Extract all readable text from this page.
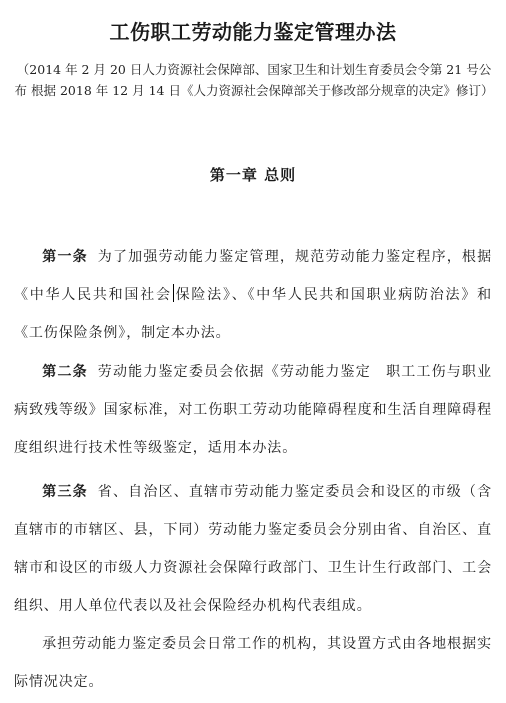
工伤职工劳动能力鉴定管理办法
（2014 年 2 月 20 日人力资源社会保障部、国家卫生和计划生育委员会令第 21 号公布 根据 2018 年 12 月 14 日《人力资源社会保障部关于修改部分规章的决定》修订）
第一章 总则

第一条 为了加强劳动能力鉴定管理，规范劳动能力鉴定程序，根据《中华人民共和国社会 保险法》、《中华人民共和国职业病防治法》和《工伤保险条例》，制定本办法。

第二条 劳动能力鉴定委员会依据《劳动能力鉴定　职工工伤与职业病致残等级》国家标准，对工伤职工劳动功能障碍程度和生活自理障碍程度组织进行技术性等级鉴定，适用本办法。

第三条 省、自治区、直辖市劳动能力鉴定委员会和设区的市级（含直辖市的市辖区、县，下同）劳动能力鉴定委员会分别由省、自治区、直辖市和设区的市级人力资源社会保障行政部门、卫生计生行政部门、工会组织、用人单位代表以及社会保险经办机构代表组成。

承担劳动能力鉴定委员会日常工作的机构，其设置方式由各地根据实际情况决定。
